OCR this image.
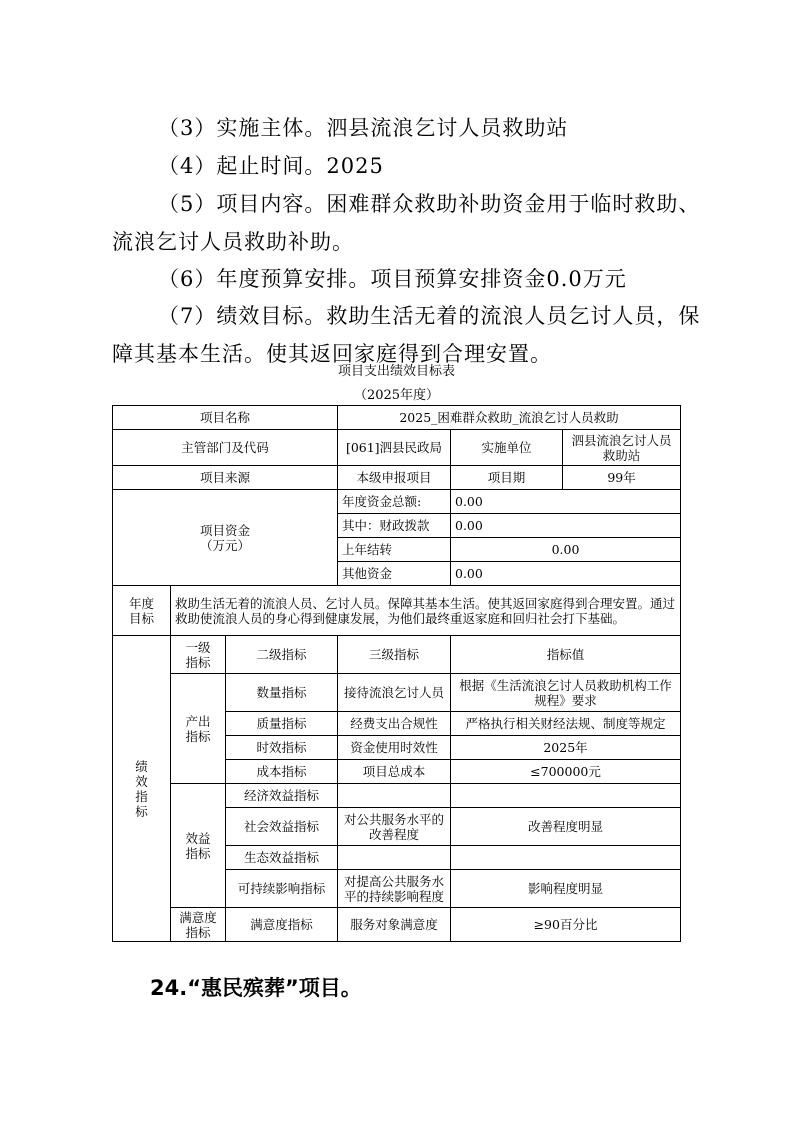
（3）实施主体。泗县流浪乞讨人员救助站
（4）起止时间。2025
（5）项目内容。困难群众救助补助资金用于临时救助、
流浪乞讨人员救助补助。
（6）年度预算安排。项目预算安排资金0.0万元
（7）绩效目标。救助生活无着的流浪人员乞讨人员，保
障其基本生活。使其返回家庭得到合理安置。
项目支出绩效目标表
（2025年度）
项目名称			2025_困难群众救助_流浪乞讨人员救助		
主管部门及代码			[061]泗县民政局	实施单位	泗县流浪乞讨人员救助站
项目来源			本级申报项目	项目期	99年
项目资金（万元）			年度资金总额:	0.00	
			其中：财政拨款	0.00	
			上年结转	0.00	
			其他资金	0.00	
年度目标	救助生活无着的流浪人员、乞讨人员。保障其基本生活。使其返回家庭得到合理安置。通过救助使流浪人员的身心得到健康发展，为他们最终重返家庭和回归社会打下基础。				
绩效指标	一级指标	二级指标	三级指标	指标值	
	产出指标	数量指标	接待流浪乞讨人员	根据《生活流浪乞讨人员救助机构工作规程》要求	
		质量指标	经费支出合规性	严格执行相关财经法规、制度等规定	
		时效指标	资金使用时效性	2025年	
		成本指标	项目总成本	≤700000元	
	效益指标	经济效益指标			
		社会效益指标	对公共服务水平的改善程度	改善程度明显	
		生态效益指标			
		可持续影响指标	对提高公共服务水平的持续影响程度	影响程度明显	
	满意度指标	满意度指标	服务对象满意度	≥90百分比	
24.“惠民殡葬”项目。
